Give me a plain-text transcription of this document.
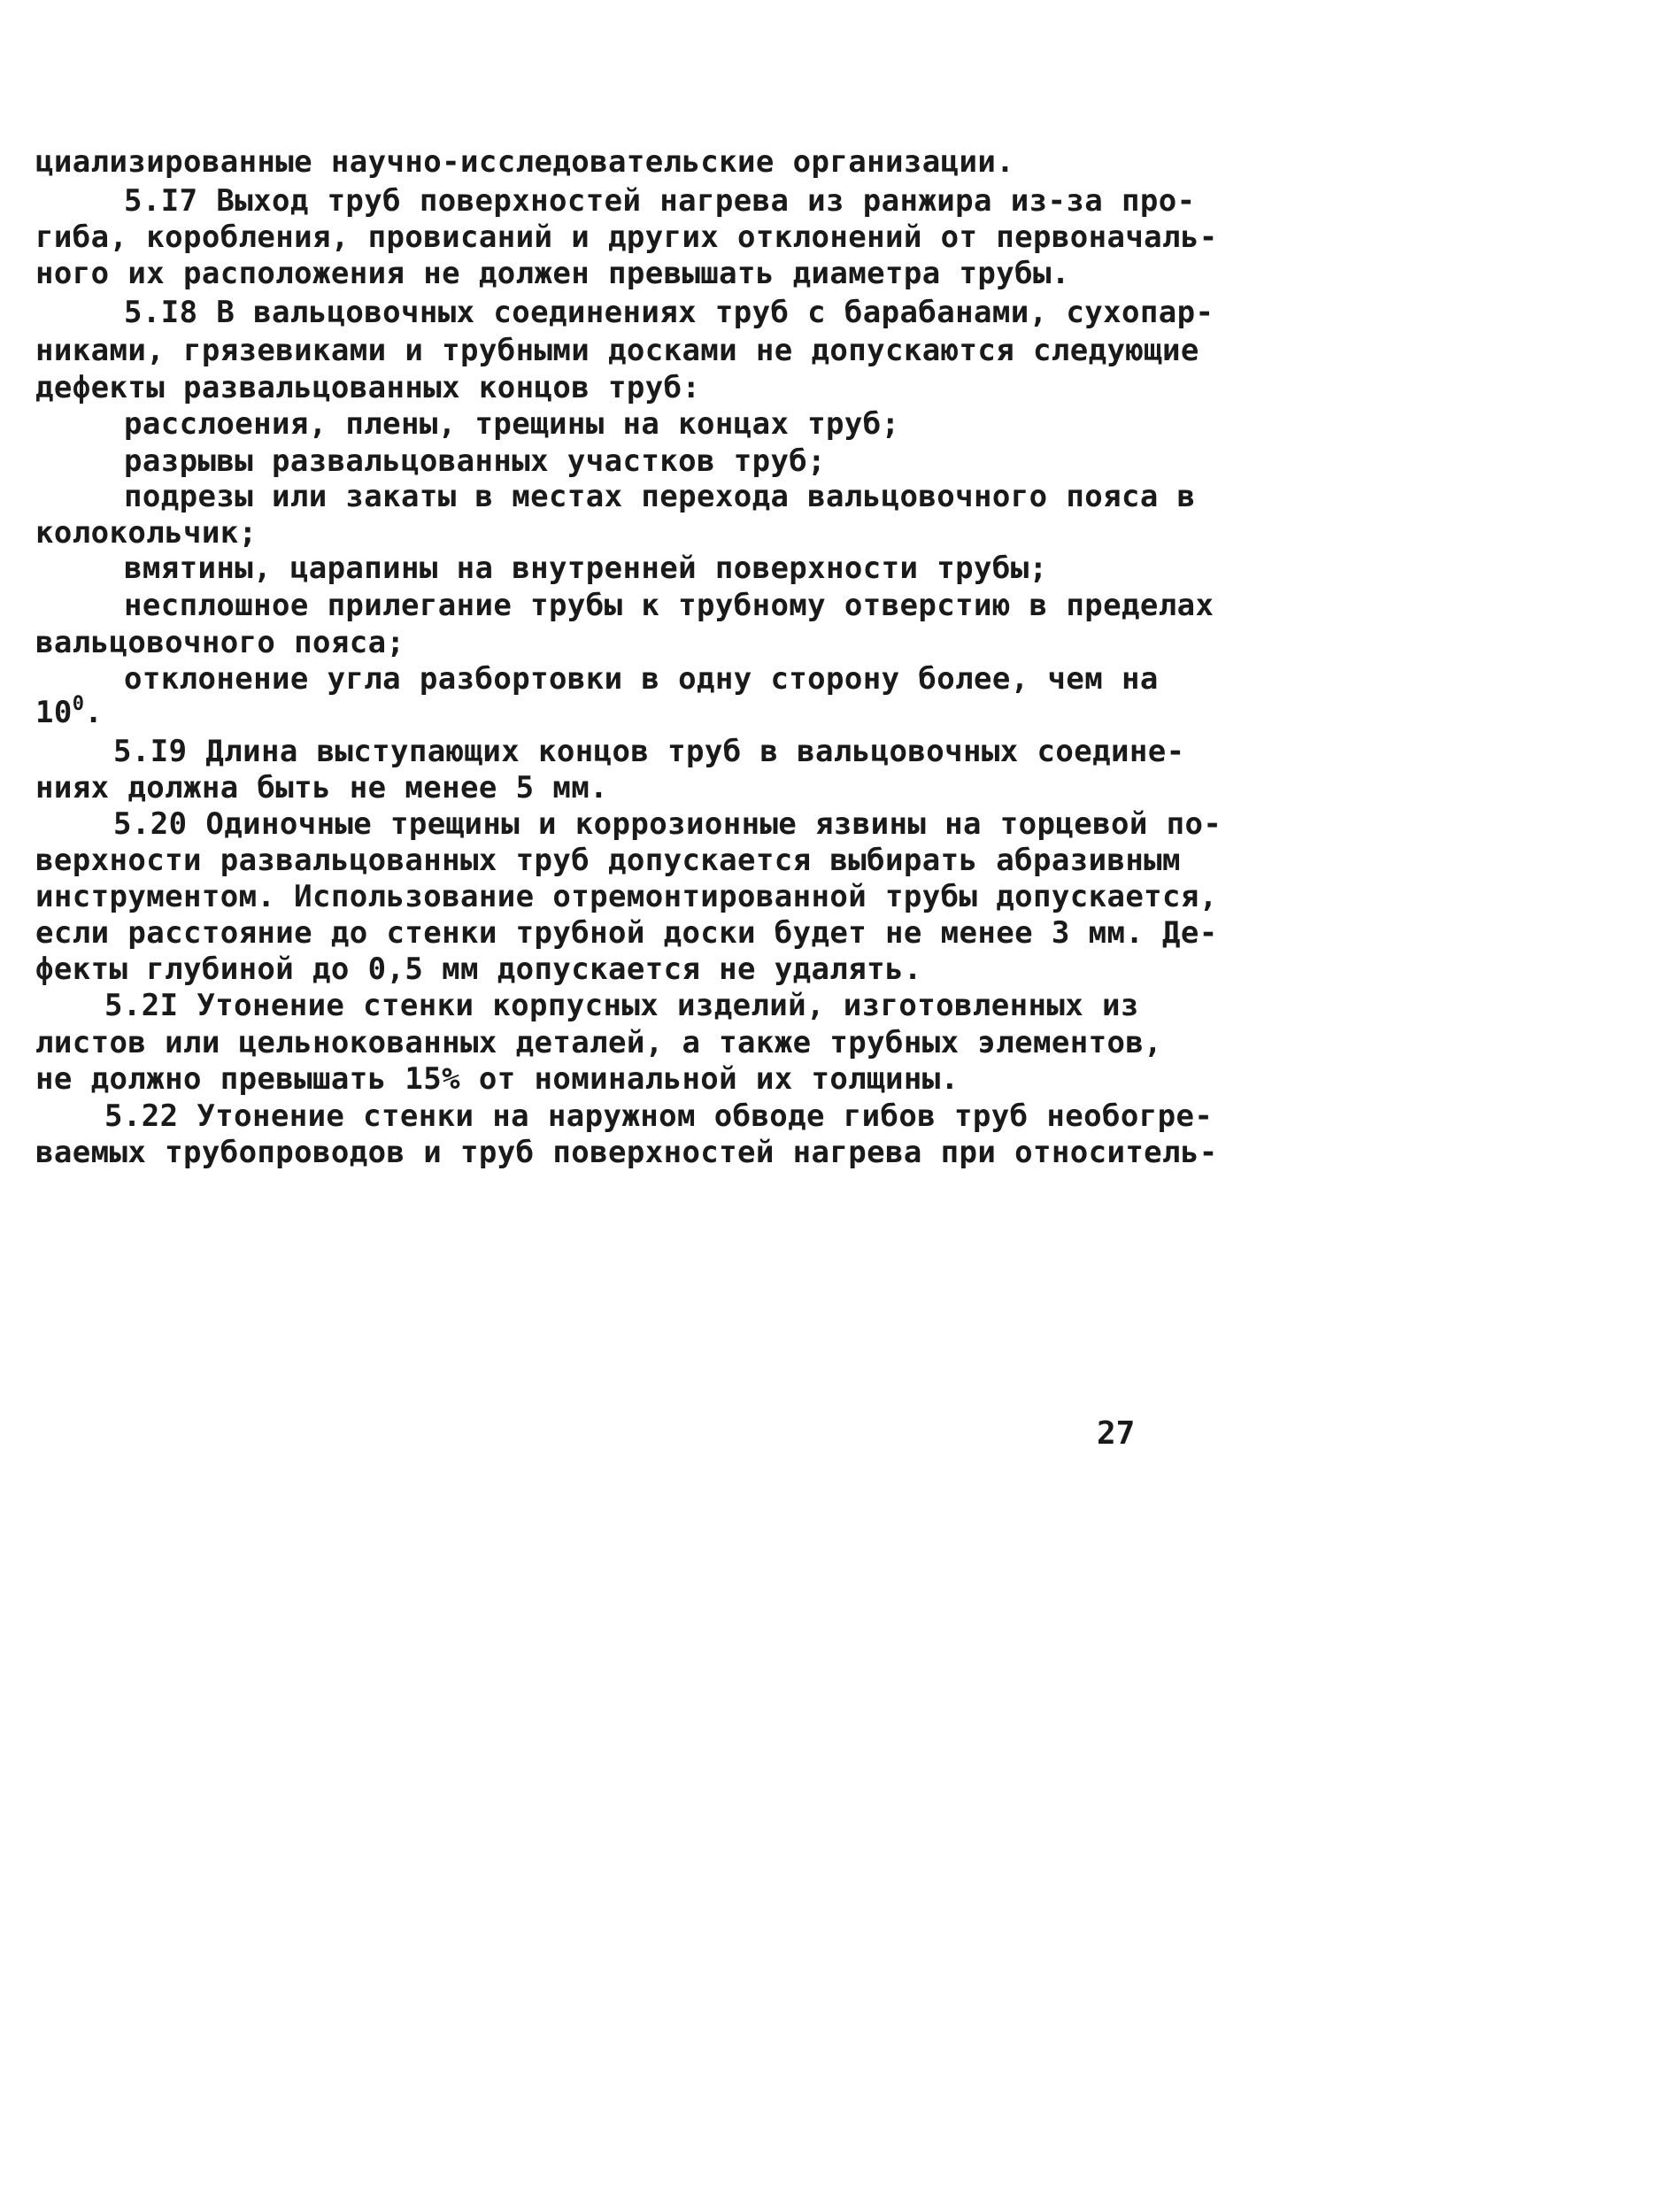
циализированные научно-исследовательские организации.
5.I7 Выход труб поверхностей нагрева из ранжира из-за про-
гиба, коробления, провисаний и других отклонений от первоначаль-
ного их расположения не должен превышать диаметра трубы.
5.I8 В вальцовочных соединениях труб с барабанами, сухопар-
никами, грязевиками и трубными досками не допускаются следующие
дефекты развальцованных концов труб:
расслоения, плены, трещины на концах труб;
разрывы развальцованных участков труб;
подрезы или закаты в местах перехода вальцовочного пояса в
колокольчик;
вмятины, царапины на внутренней поверхности трубы;
несплошное прилегание трубы к трубному отверстию в пределах
вальцовочного пояса;
отклонение угла разбортовки в одну сторону более, чем на
$10^0$.
5.I9 Длина выступающих концов труб в вальцовочных соедине-
ниях должна быть не менее 5 мм.
5.20 Одиночные трещины и коррозионные язвины на торцевой по-
верхности развальцованных труб допускается выбирать абразивным
инструментом. Использование отремонтированной трубы допускается,
если расстояние до стенки трубной доски будет не менее 3 мм. Де-
фекты глубиной до 0,5 мм допускается не удалять.
5.2I Утонение стенки корпусных изделий, изготовленных из
листов или цельнокованных деталей, а также трубных элементов,
не должно превышать 15% от номинальной их толщины.
5.22 Утонение стенки на наружном обводе гибов труб необогре-
ваемых трубопроводов и труб поверхностей нагрева при относитель-
27
